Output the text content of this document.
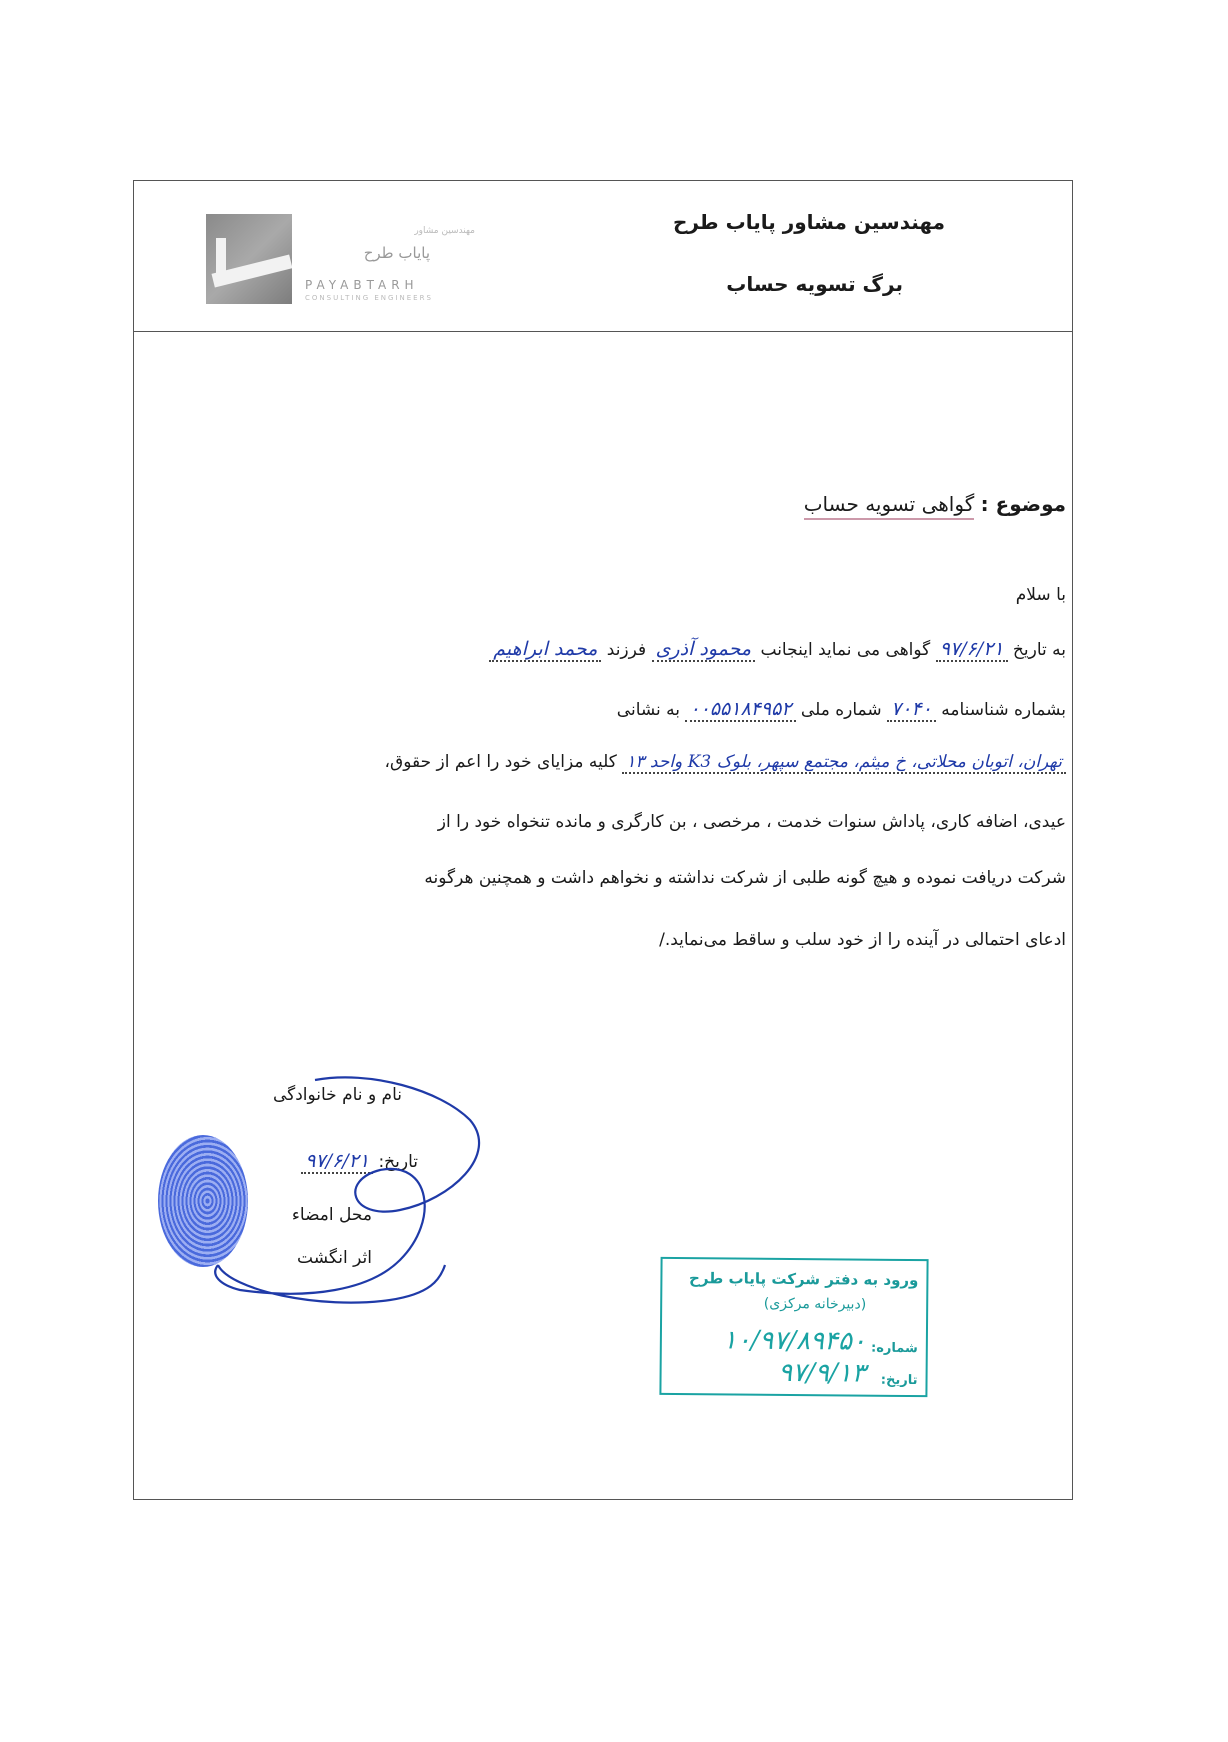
مهندسین مشاور پایاب طرح
برگ تسویه حساب
مهندسین مشاور
پایاب طرح
PAYABTARH
CONSULTING ENGINEERS
موضوع : گواهی تسویه حساب
با سلام
به تاریخ ۹۷/۶/۲۱ گواهی می نماید اینجانب محمود آذری فرزند محمد ابراهیم
بشماره شناسنامه ۷۰۴۰ شماره ملی ۰۰۵۵۱۸۴۹۵۲ به نشانی
تهران، اتوبان محلاتی، خ میثم، مجتمع سپهر، بلوک K3 واحد ۱۳ کلیه مزایای خود را اعم از حقوق،
عیدی، اضافه کاری، پاداش سنوات خدمت ، مرخصی ، بن کارگری و مانده تنخواه خود را از
شرکت دریافت نموده و هیچ گونه طلبی از شرکت نداشته و نخواهم داشت و همچنین هرگونه
ادعای احتمالی در آینده را از خود سلب و ساقط می‌نماید./
نام و نام خانوادگی
تاریخ: ۹۷/۶/۲۱
محل امضاء
اثر انگشت
ورود به دفتر شرکت پایاب طرح
(دبیرخانه مرکزی)
شماره:
۱۰/۹۷/۸۹۴۵۰
تاریخ:
۹۷/۹/۱۳
